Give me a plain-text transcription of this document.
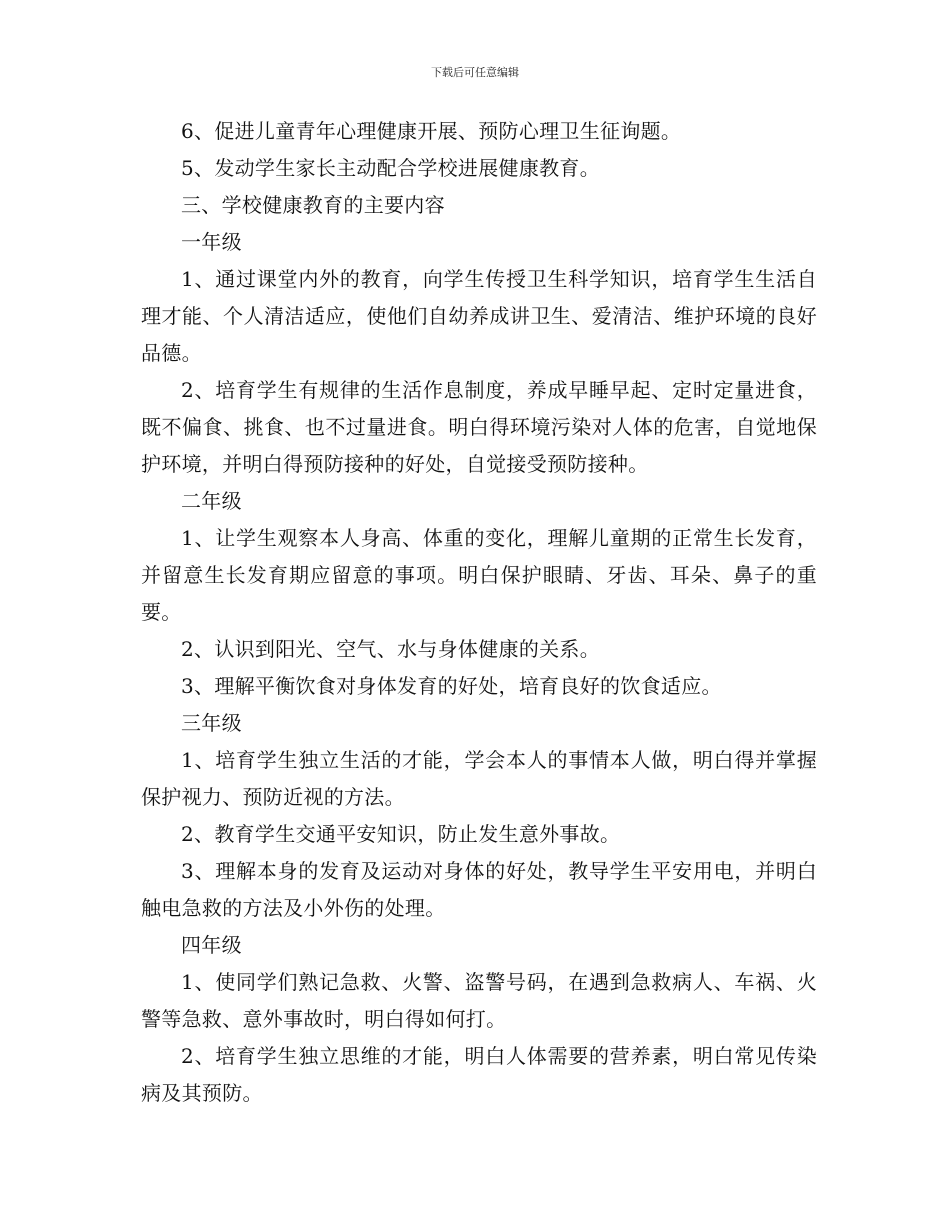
下载后可任意编辑

6、促进儿童青年心理健康开展、预防心理卫生征询题。

5、发动学生家长主动配合学校进展健康教育。

三、学校健康教育的主要内容

一年级

1、通过课堂内外的教育，向学生传授卫生科学知识，培育学生生活自理才能、个人清洁适应，使他们自幼养成讲卫生、爱清洁、维护环境的良好品德。

2、培育学生有规律的生活作息制度，养成早睡早起、定时定量进食，既不偏食、挑食、也不过量进食。明白得环境污染对人体的危害，自觉地保护环境，并明白得预防接种的好处，自觉接受预防接种。

二年级

1、让学生观察本人身高、体重的变化，理解儿童期的正常生长发育，并留意生长发育期应留意的事项。明白保护眼睛、牙齿、耳朵、鼻子的重要。

2、认识到阳光、空气、水与身体健康的关系。

3、理解平衡饮食对身体发育的好处，培育良好的饮食适应。

三年级

1、培育学生独立生活的才能，学会本人的事情本人做，明白得并掌握保护视力、预防近视的方法。

2、教育学生交通平安知识，防止发生意外事故。

3、理解本身的发育及运动对身体的好处，教导学生平安用电，并明白触电急救的方法及小外伤的处理。

四年级

1、使同学们熟记急救、火警、盗警号码，在遇到急救病人、车祸、火警等急救、意外事故时，明白得如何打。

2、培育学生独立思维的才能，明白人体需要的营养素，明白常见传染病及其预防。
